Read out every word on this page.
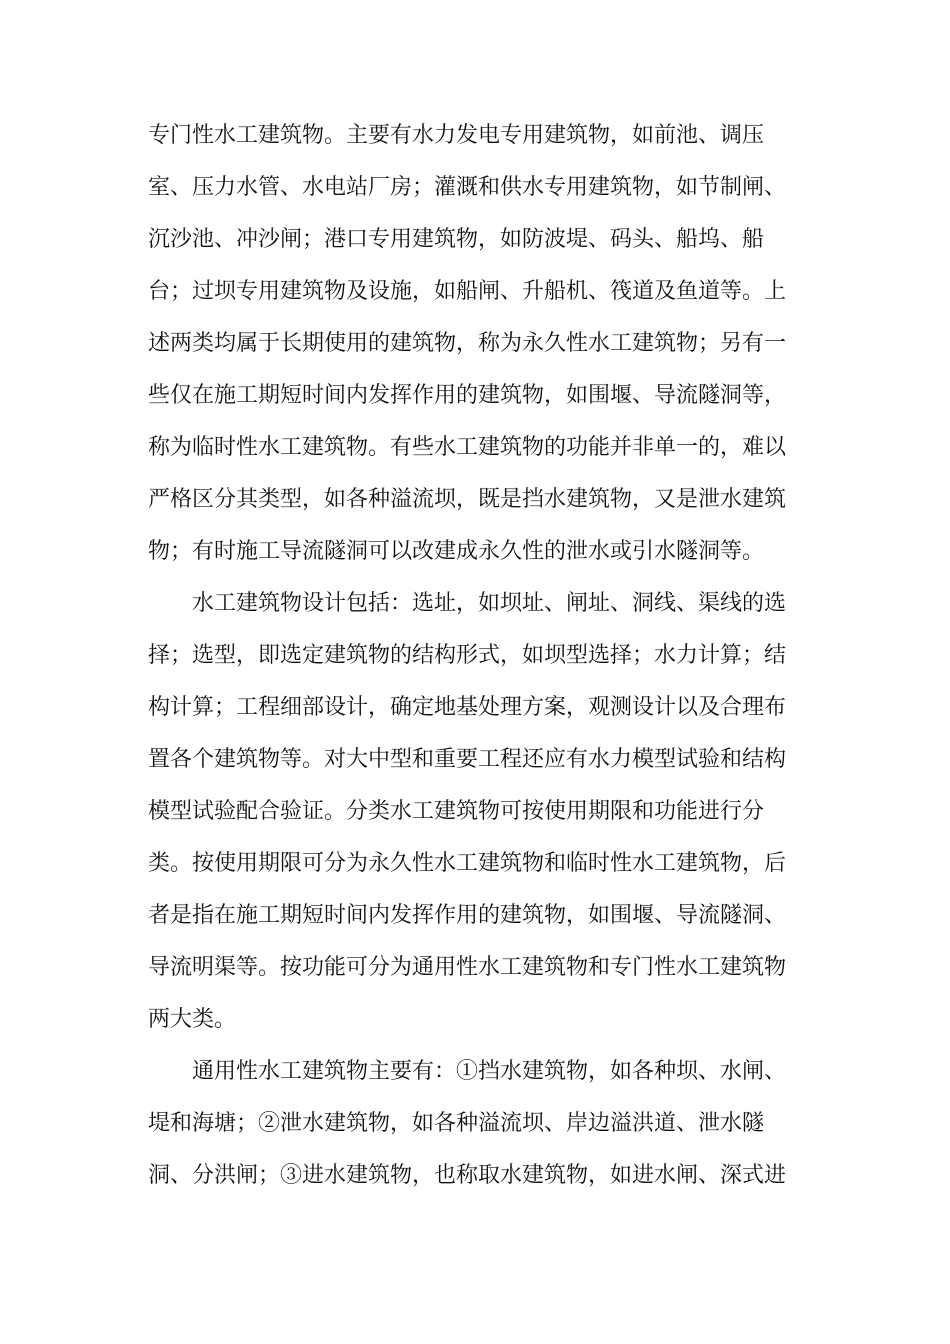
专门性水工建筑物。主要有水力发电专用建筑物，如前池、调压

室、压力水管、水电站厂房；灌溉和供水专用建筑物，如节制闸、

沉沙池、冲沙闸；港口专用建筑物，如防波堤、码头、船坞、船

台；过坝专用建筑物及设施，如船闸、升船机、筏道及鱼道等。上

述两类均属于长期使用的建筑物，称为永久性水工建筑物；另有一

些仅在施工期短时间内发挥作用的建筑物，如围堰、导流隧洞等，

称为临时性水工建筑物。有些水工建筑物的功能并非单一的，难以

严格区分其类型，如各种溢流坝，既是挡水建筑物，又是泄水建筑

物；有时施工导流隧洞可以改建成永久性的泄水或引水隧洞等。

水工建筑物设计包括：选址，如坝址、闸址、洞线、渠线的选

择；选型，即选定建筑物的结构形式，如坝型选择；水力计算；结

构计算；工程细部设计，确定地基处理方案，观测设计以及合理布

置各个建筑物等。对大中型和重要工程还应有水力模型试验和结构

模型试验配合验证。分类水工建筑物可按使用期限和功能进行分

类。按使用期限可分为永久性水工建筑物和临时性水工建筑物，后

者是指在施工期短时间内发挥作用的建筑物，如围堰、导流隧洞、

导流明渠等。按功能可分为通用性水工建筑物和专门性水工建筑物

两大类。

通用性水工建筑物主要有：①挡水建筑物，如各种坝、水闸、

堤和海塘；②泄水建筑物，如各种溢流坝、岸边溢洪道、泄水隧

洞、分洪闸；③进水建筑物，也称取水建筑物，如进水闸、深式进
